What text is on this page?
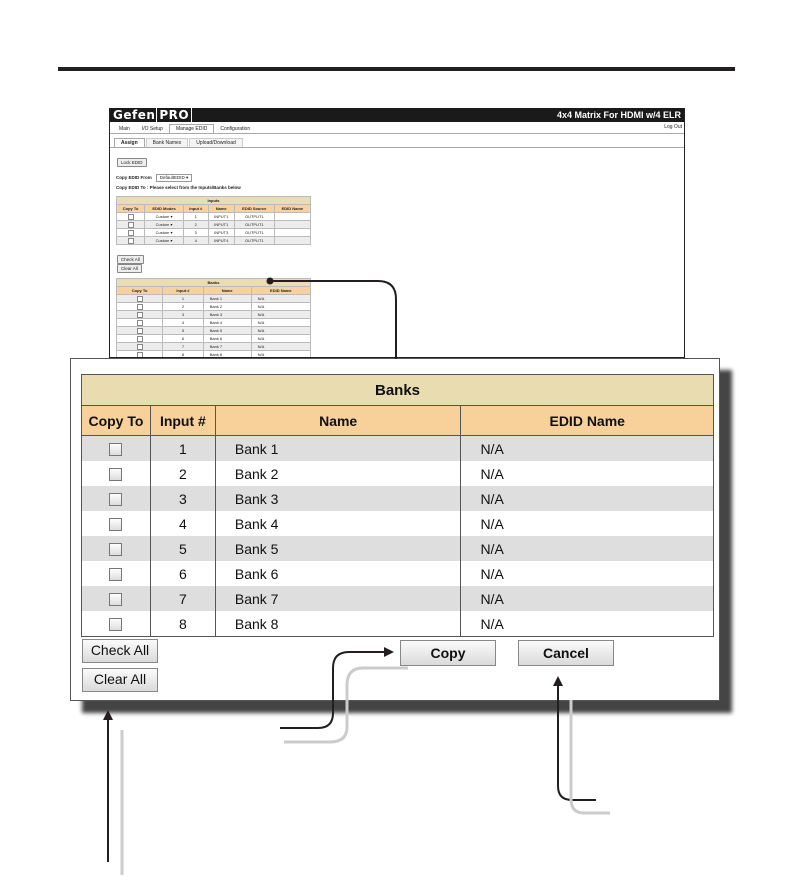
Gefen PRO	4x4 Matrix For HDMI w/4 ELR
Main	I/O Setup	Manage EDID	Configuration	Log Out
Assign	Bank Names	Upload/Download
Lock EDID
Copy EDID From DefaultEDID ▾
Copy EDID To : Please select from the Inputs/Banks below
Inputs					
Copy To	EDID Modes	Input #	Name	EDID Source	EDID Name
	Custom ▾	1	INPUT1	OUTPUT1	
	Custom ▾	2	INPUT1	OUTPUT1	
	Custom ▾	3	INPUT3	OUTPUT1	
	Custom ▾	4	INPUT4	OUTPUT1	
Check All
Clear All
Banks			
Copy To	Input #	Name	EDID Name
	1	Bank 1	N/A
	2	Bank 2	N/A
	3	Bank 3	N/A
	4	Bank 4	N/A
	5	Bank 5	N/A
	6	Bank 6	N/A
	7	Bank 7	N/A
	8	Bank 8	N/A
Banks			
Copy To	Input #	Name	EDID Name
	1	Bank 1	N/A
	2	Bank 2	N/A
	3	Bank 3	N/A
	4	Bank 4	N/A
	5	Bank 5	N/A
	6	Bank 6	N/A
	7	Bank 7	N/A
	8	Bank 8	N/A
Check All
Clear All
Copy	Cancel
